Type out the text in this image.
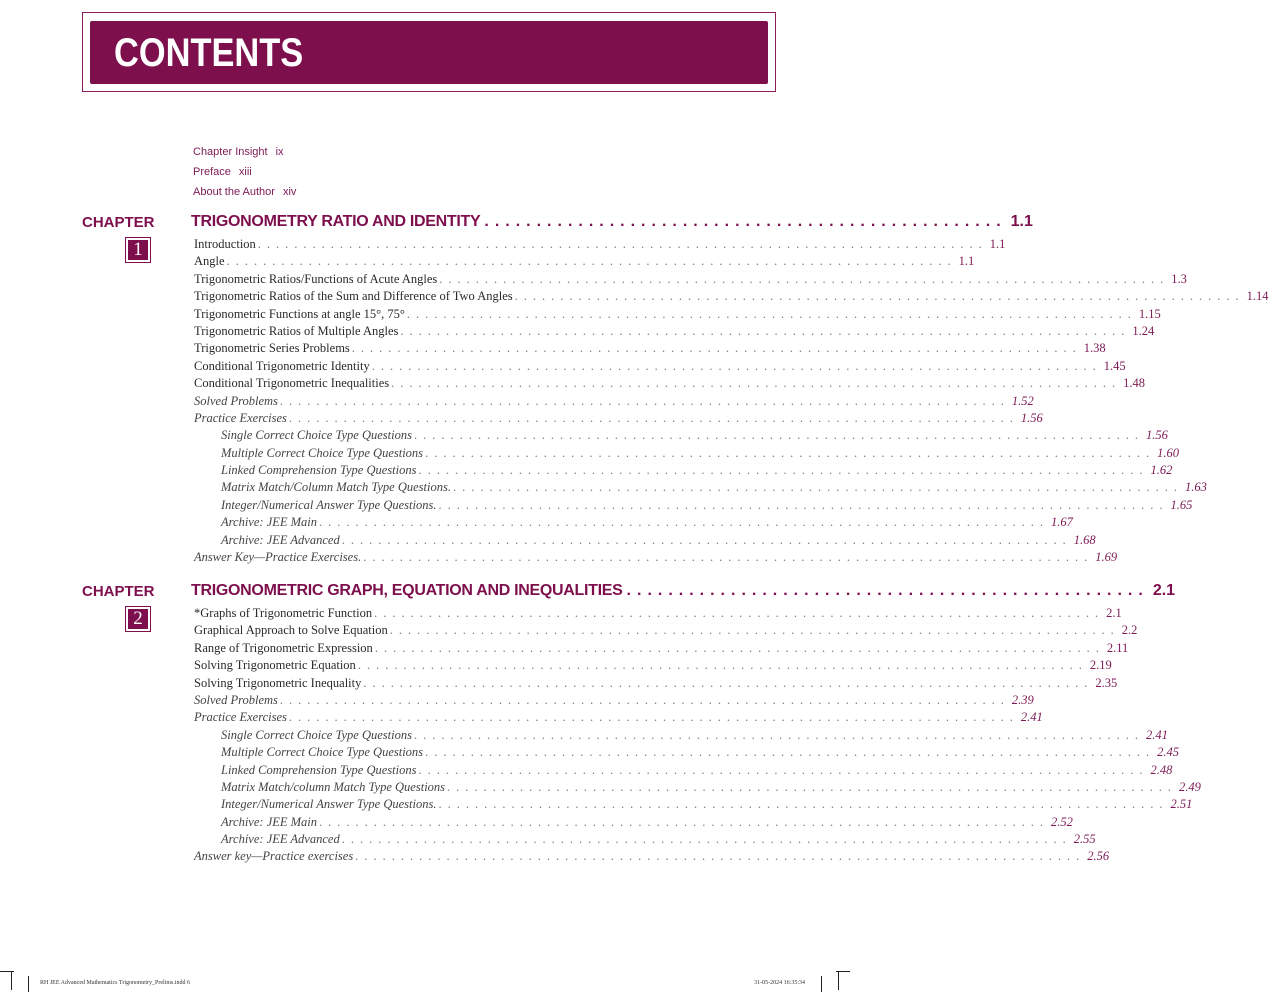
CONTENTS
Chapter Insight ix
Preface xiii
About the Author xiv
CHAPTER
1
TRIGONOMETRY RATIO AND IDENTITY .................................................. 1.1
Introduction ................................................................................ 1.1
Angle ................................................................................ 1.1
Trigonometric Ratios/Functions of Acute Angles ................................................................................ 1.3
Trigonometric Ratios of the Sum and Difference of Two Angles ................................................................................ 1.14
Trigonometric Functions at angle 15°, 75° ................................................................................ 1.15
Trigonometric Ratios of Multiple Angles ................................................................................ 1.24
Trigonometric Series Problems ................................................................................ 1.38
Conditional Trigonometric Identity ................................................................................ 1.45
Conditional Trigonometric Inequalities ................................................................................ 1.48
Solved Problems ................................................................................ 1.52
Practice Exercises ................................................................................ 1.56
Single Correct Choice Type Questions ................................................................................ 1.56
Multiple Correct Choice Type Questions ................................................................................ 1.60
Linked Comprehension Type Questions ................................................................................ 1.62
Matrix Match/Column Match Type Questions. ................................................................................ 1.63
Integer/Numerical Answer Type Questions. ................................................................................ 1.65
Archive: JEE Main ................................................................................ 1.67
Archive: JEE Advanced ................................................................................ 1.68
Answer Key—Practice Exercises. ................................................................................ 1.69
CHAPTER
2
TRIGONOMETRIC GRAPH, EQUATION AND INEQUALITIES .................................................. 2.1
*Graphs of Trigonometric Function ................................................................................ 2.1
Graphical Approach to Solve Equation ................................................................................ 2.2
Range of Trigonometric Expression ................................................................................ 2.11
Solving Trigonometric Equation ................................................................................ 2.19
Solving Trigonometric Inequality ................................................................................ 2.35
Solved Problems ................................................................................ 2.39
Practice Exercises ................................................................................ 2.41
Single Correct Choice Type Questions ................................................................................ 2.41
Multiple Correct Choice Type Questions ................................................................................ 2.45
Linked Comprehension Type Questions ................................................................................ 2.48
Matrix Match/column Match Type Questions ................................................................................ 2.49
Integer/Numerical Answer Type Questions. ................................................................................ 2.51
Archive: JEE Main ................................................................................ 2.52
Archive: JEE Advanced ................................................................................ 2.55
Answer key—Practice exercises ................................................................................ 2.56
RH JEE Advanced Mathematics Trigonometry_Prelims.indd 6	31-05-2024 16:35:34
